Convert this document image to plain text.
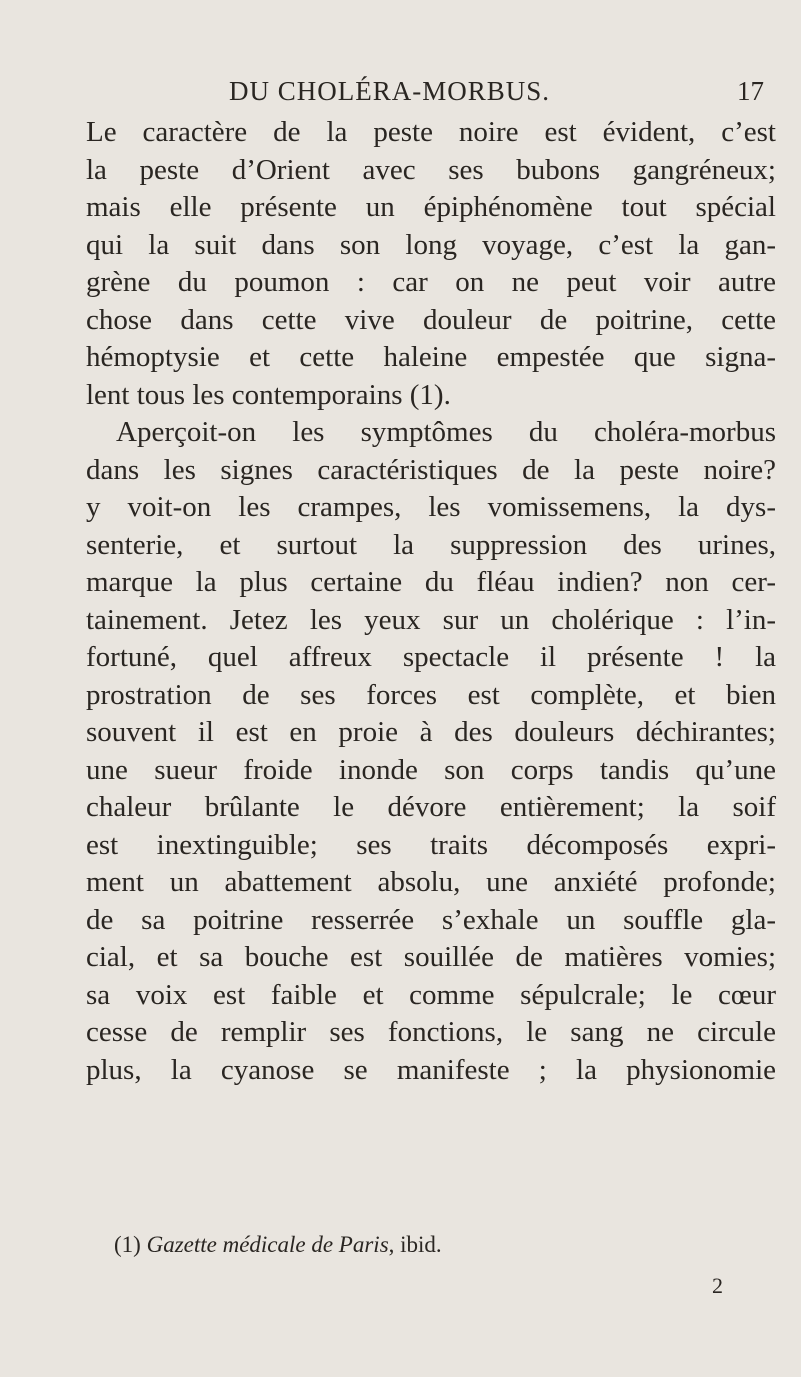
DU CHOLÉRA-MORBUS.	17
Le caractère de la peste noire est évident, c’est
la peste d’Orient avec ses bubons gangréneux;
mais elle présente un épiphénomène tout spécial
qui la suit dans son long voyage, c’est la gan-
grène du poumon : car on ne peut voir autre
chose dans cette vive douleur de poitrine, cette
hémoptysie et cette haleine empestée que signa-
lent tous les contemporains (1).
Aperçoit-on les symptômes du choléra-morbus
dans les signes caractéristiques de la peste noire?
y voit-on les crampes, les vomissemens, la dys-
senterie, et surtout la suppression des urines,
marque la plus certaine du fléau indien? non cer-
tainement. Jetez les yeux sur un cholérique : l’in-
fortuné, quel affreux spectacle il présente ! la
prostration de ses forces est complète, et bien
souvent il est en proie à des douleurs déchirantes;
une sueur froide inonde son corps tandis qu’une
chaleur brûlante le dévore entièrement; la soif
est inextinguible; ses traits décomposés expri-
ment un abattement absolu, une anxiété profonde;
de sa poitrine resserrée s’exhale un souffle gla-
cial, et sa bouche est souillée de matières vomies;
sa voix est faible et comme sépulcrale; le cœur
cesse de remplir ses fonctions, le sang ne circule
plus, la cyanose se manifeste ; la physionomie
(1) Gazette médicale de Paris, ibid.
2
